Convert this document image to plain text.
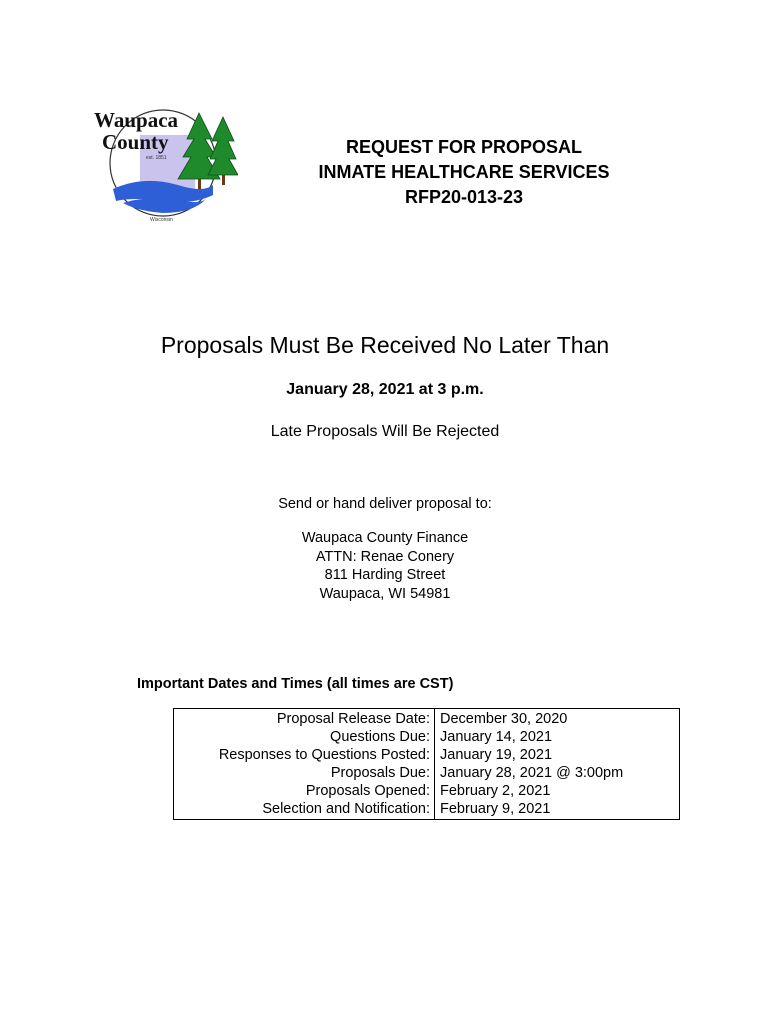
Waupaca
County
est. 1851
Wisconsin
REQUEST FOR PROPOSAL
INMATE HEALTHCARE SERVICES
RFP20-013-23
Proposals Must Be Received No Later Than
January 28, 2021 at 3 p.m.
Late Proposals Will Be Rejected
Send or hand deliver proposal to:
Waupaca County Finance
ATTN: Renae Conery
811 Harding Street
Waupaca, WI 54981
Important Dates and Times (all times are CST)
Proposal Release Date:	December 30, 2020
Questions Due:	January 14, 2021
Responses to Questions Posted:	January 19, 2021
Proposals Due:	January 28, 2021 @ 3:00pm
Proposals Opened:	February 2, 2021
Selection and Notification:	February 9, 2021
